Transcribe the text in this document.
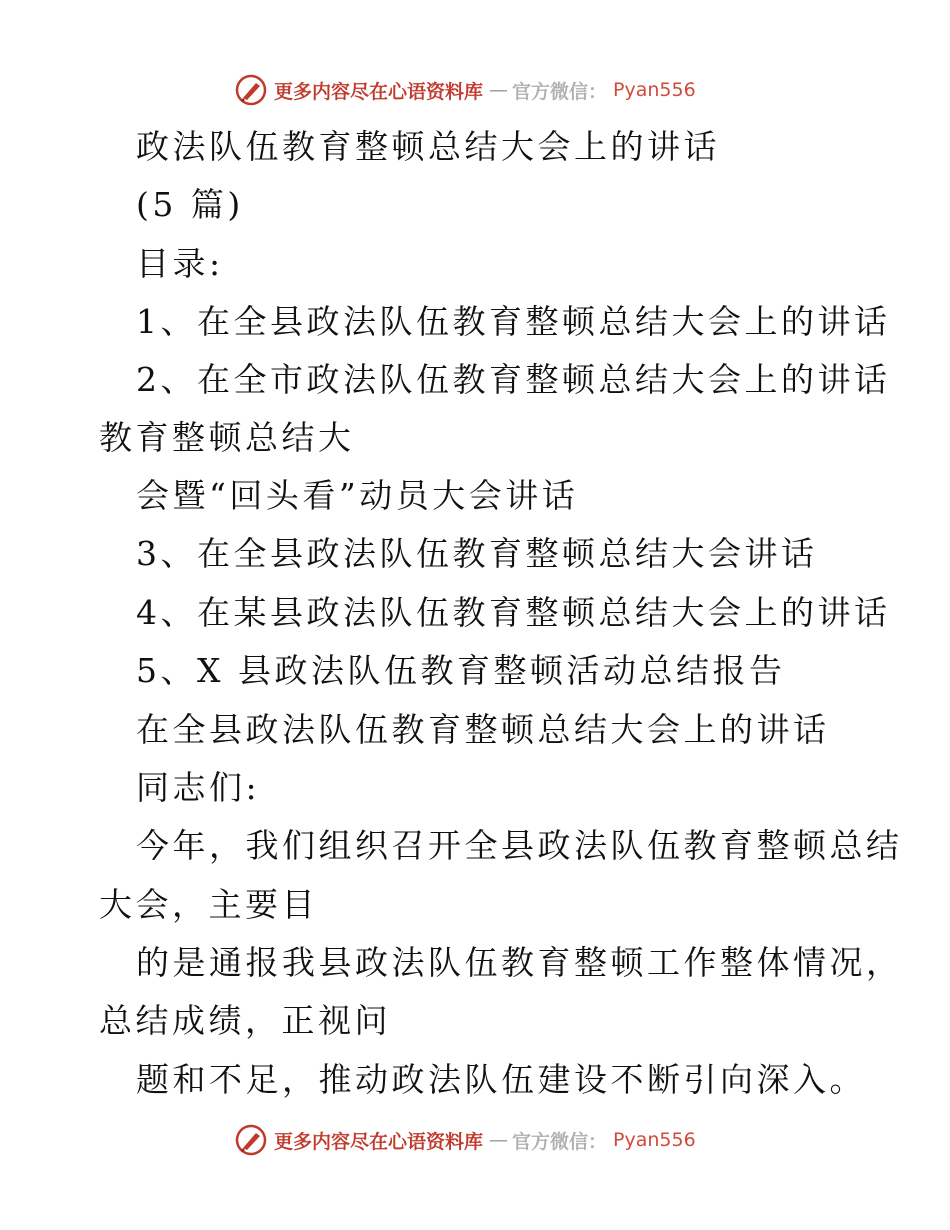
更多内容尽在心语资料库 — 官方微信： Pyan556
政法队伍教育整顿总结大会上的讲话
(5 篇)
目录:
1、在全县政法队伍教育整顿总结大会上的讲话
2、在全市政法队伍教育整顿总结大会上的讲话
教育整顿总结大
会暨“回头看”动员大会讲话
3、在全县政法队伍教育整顿总结大会讲话
4、在某县政法队伍教育整顿总结大会上的讲话
5、X 县政法队伍教育整顿活动总结报告
在全县政法队伍教育整顿总结大会上的讲话
同志们:
今年，我们组织召开全县政法队伍教育整顿总结
大会，主要目
的是通报我县政法队伍教育整顿工作整体情况，
总结成绩，正视问
题和不足，推动政法队伍建设不断引向深入。
更多内容尽在心语资料库 — 官方微信： Pyan556
